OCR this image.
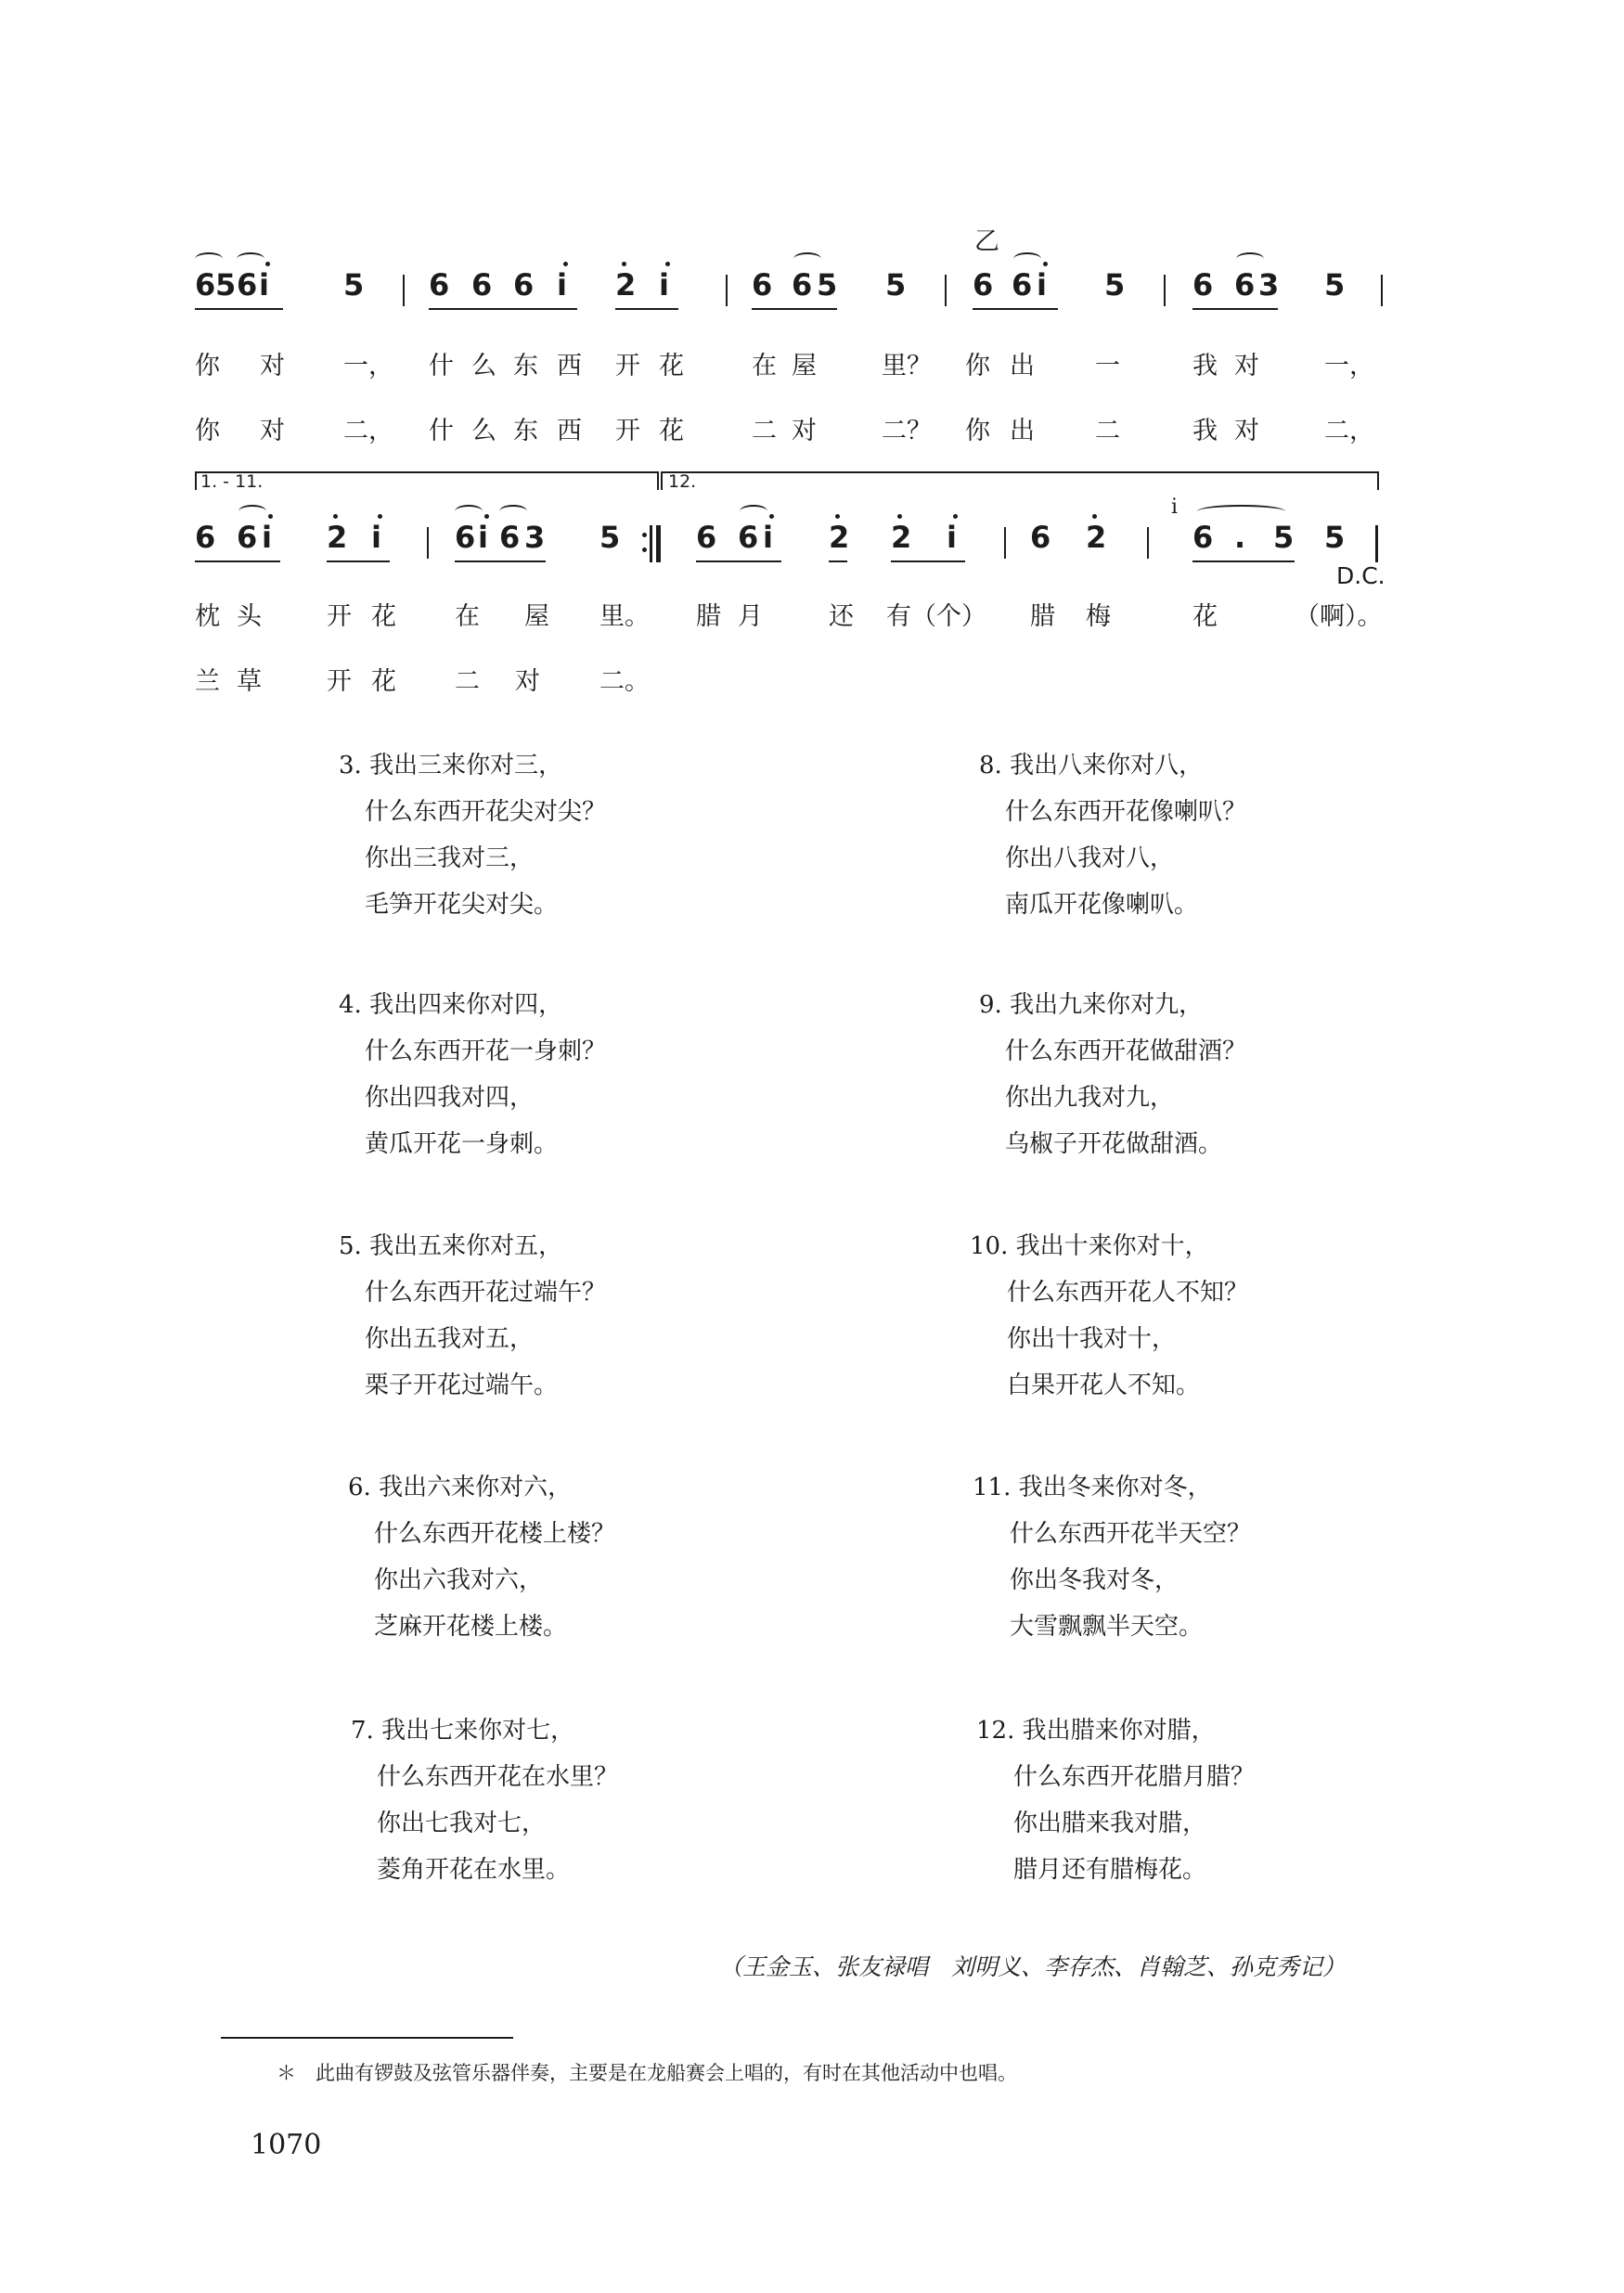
6 5 6 i	5 6 6 6 i 2 i	6 6 5 5
乙
6 6 i 5 6 6 3 5
你 对 一， 什 么 东 西 开 花	在 屋	里？ 你 出 一	我 对	一，
你 对 二， 什 么 东 西 开 花	二 对	二？ 你 出 二	我 对	二，
1. - 11.	12.
6 6 i 2 i 6 i 6 3 5	6 6 i 2 2 i 6 2
i
6 . 5 5
D.C.
枕 头	开 花 在 屋 里。 腊 月	还 有（个） 腊 梅	花	（啊）。
兰 草	开 花 二 对 二。
3. 我出三来你对三，
什么东西开花尖对尖？
你出三我对三，
毛笋开花尖对尖。
8. 我出八来你对八，
什么东西开花像喇叭？
你出八我对八，
南瓜开花像喇叭。
4. 我出四来你对四，
什么东西开花一身刺？
你出四我对四，
黄瓜开花一身刺。
9. 我出九来你对九，
什么东西开花做甜酒？
你出九我对九，
乌椒子开花做甜酒。
5. 我出五来你对五，
什么东西开花过端午？
你出五我对五，
栗子开花过端午。
10. 我出十来你对十，
什么东西开花人不知？
你出十我对十，
白果开花人不知。
6. 我出六来你对六，
什么东西开花楼上楼？
你出六我对六，
芝麻开花楼上楼。
11. 我出冬来你对冬，
什么东西开花半天空？
你出冬我对冬，
大雪飘飘半天空。
7. 我出七来你对七，
什么东西开花在水里？
你出七我对七，
菱角开花在水里。
12. 我出腊来你对腊，
什么东西开花腊月腊？
你出腊来我对腊，
腊月还有腊梅花。
（王金玉、张友禄唱　刘明义、李存杰、肖翰芝、孙克秀记）
＊　此曲有锣鼓及弦管乐器伴奏，主要是在龙船赛会上唱的，有时在其他活动中也唱。
1070
